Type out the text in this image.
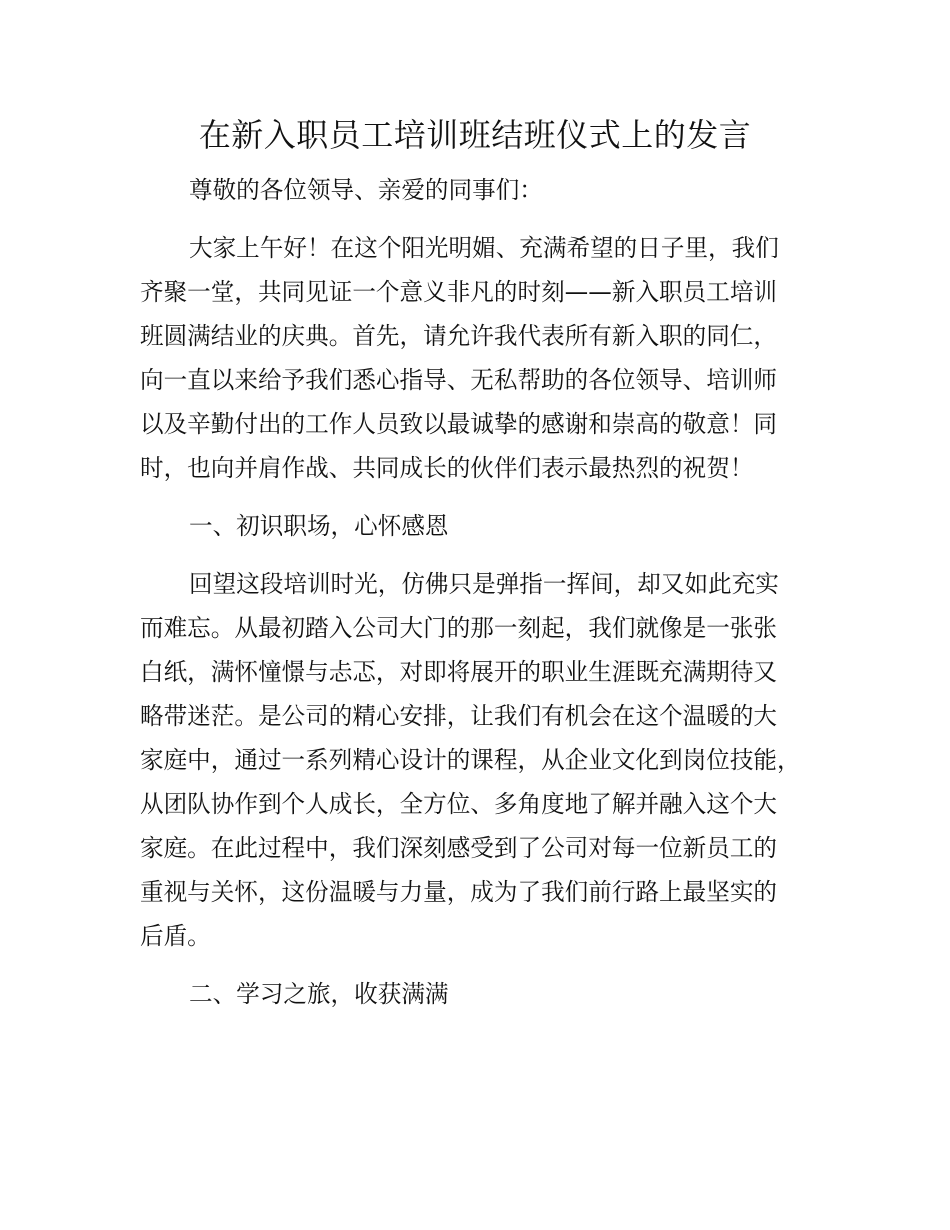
在新入职员工培训班结班仪式上的发言
尊敬的各位领导、亲爱的同事们：
大家上午好！在这个阳光明媚、充满希望的日子里，我们
齐聚一堂，共同见证一个意义非凡的时刻——新入职员工培训
班圆满结业的庆典。首先，请允许我代表所有新入职的同仁，
向一直以来给予我们悉心指导、无私帮助的各位领导、培训师
以及辛勤付出的工作人员致以最诚挚的感谢和崇高的敬意！同
时，也向并肩作战、共同成长的伙伴们表示最热烈的祝贺！
一、初识职场，心怀感恩
回望这段培训时光，仿佛只是弹指一挥间，却又如此充实
而难忘。从最初踏入公司大门的那一刻起，我们就像是一张张
白纸，满怀憧憬与忐忑，对即将展开的职业生涯既充满期待又
略带迷茫。是公司的精心安排，让我们有机会在这个温暖的大
家庭中，通过一系列精心设计的课程，从企业文化到岗位技能，
从团队协作到个人成长，全方位、多角度地了解并融入这个大
家庭。在此过程中，我们深刻感受到了公司对每一位新员工的
重视与关怀，这份温暖与力量，成为了我们前行路上最坚实的
后盾。
二、学习之旅，收获满满
